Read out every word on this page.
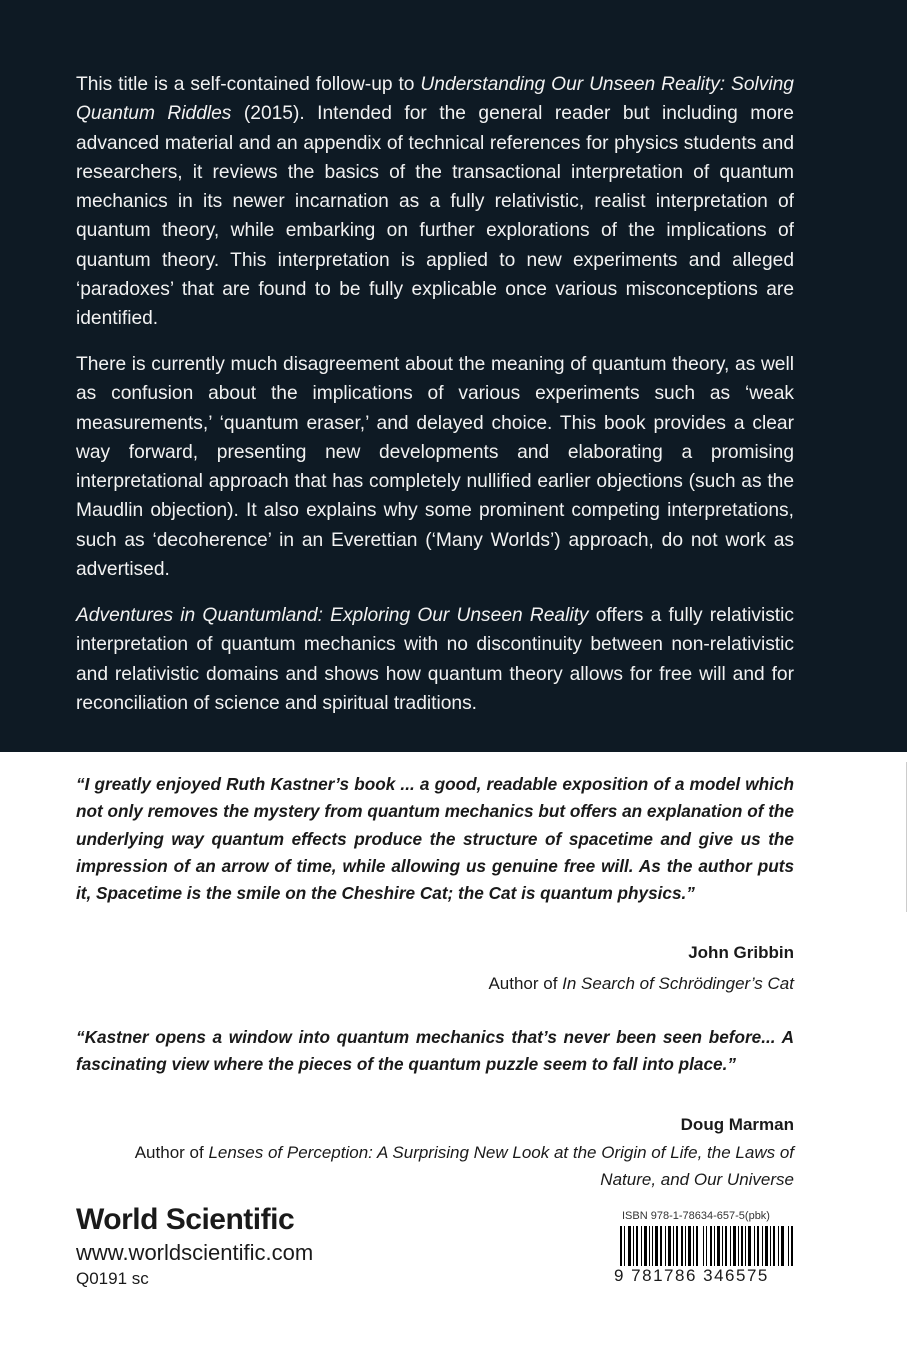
This title is a self-contained follow-up to Understanding Our Unseen Reality: Solving Quantum Riddles (2015). Intended for the general reader but including more advanced material and an appendix of technical references for physics students and researchers, it reviews the basics of the transactional interpretation of quantum mechanics in its newer incarnation as a fully relativistic, realist interpretation of quantum theory, while embarking on further explorations of the implications of quantum theory. This interpretation is applied to new experiments and alleged ‘paradoxes’ that are found to be fully explicable once various misconceptions are identified.
There is currently much disagreement about the meaning of quantum theory, as well as confusion about the implications of various experiments such as ‘weak measurements,’ ‘quantum eraser,’ and delayed choice. This book provides a clear way forward, presenting new developments and elaborating a promising interpretational approach that has completely nullified earlier objections (such as the Maudlin objection). It also explains why some prominent competing interpretations, such as ‘decoherence’ in an Everettian (‘Many Worlds’) approach, do not work as advertised.
Adventures in Quantumland: Exploring Our Unseen Reality offers a fully relativistic interpretation of quantum mechanics with no discontinuity between non-relativistic and relativistic domains and shows how quantum theory allows for free will and for reconciliation of science and spiritual traditions.
“I greatly enjoyed Ruth Kastner’s book ... a good, readable exposition of a model which not only removes the mystery from quantum mechanics but offers an explanation of the underlying way quantum effects produce the structure of spacetime and give us the impression of an arrow of time, while allowing us genuine free will. As the author puts it, Spacetime is the smile on the Cheshire Cat; the Cat is quantum physics.”
John Gribbin
Author of In Search of Schrödinger’s Cat
“Kastner opens a window into quantum mechanics that’s never been seen before... A fascinating view where the pieces of the quantum puzzle seem to fall into place.”
Doug Marman
Author of Lenses of Perception: A Surprising New Look at the Origin of Life, the Laws of Nature, and Our Universe
World Scientific
www.worldscientific.com
Q0191 sc
ISBN 978-1-78634-657-5(pbk)
9 781786 346575
